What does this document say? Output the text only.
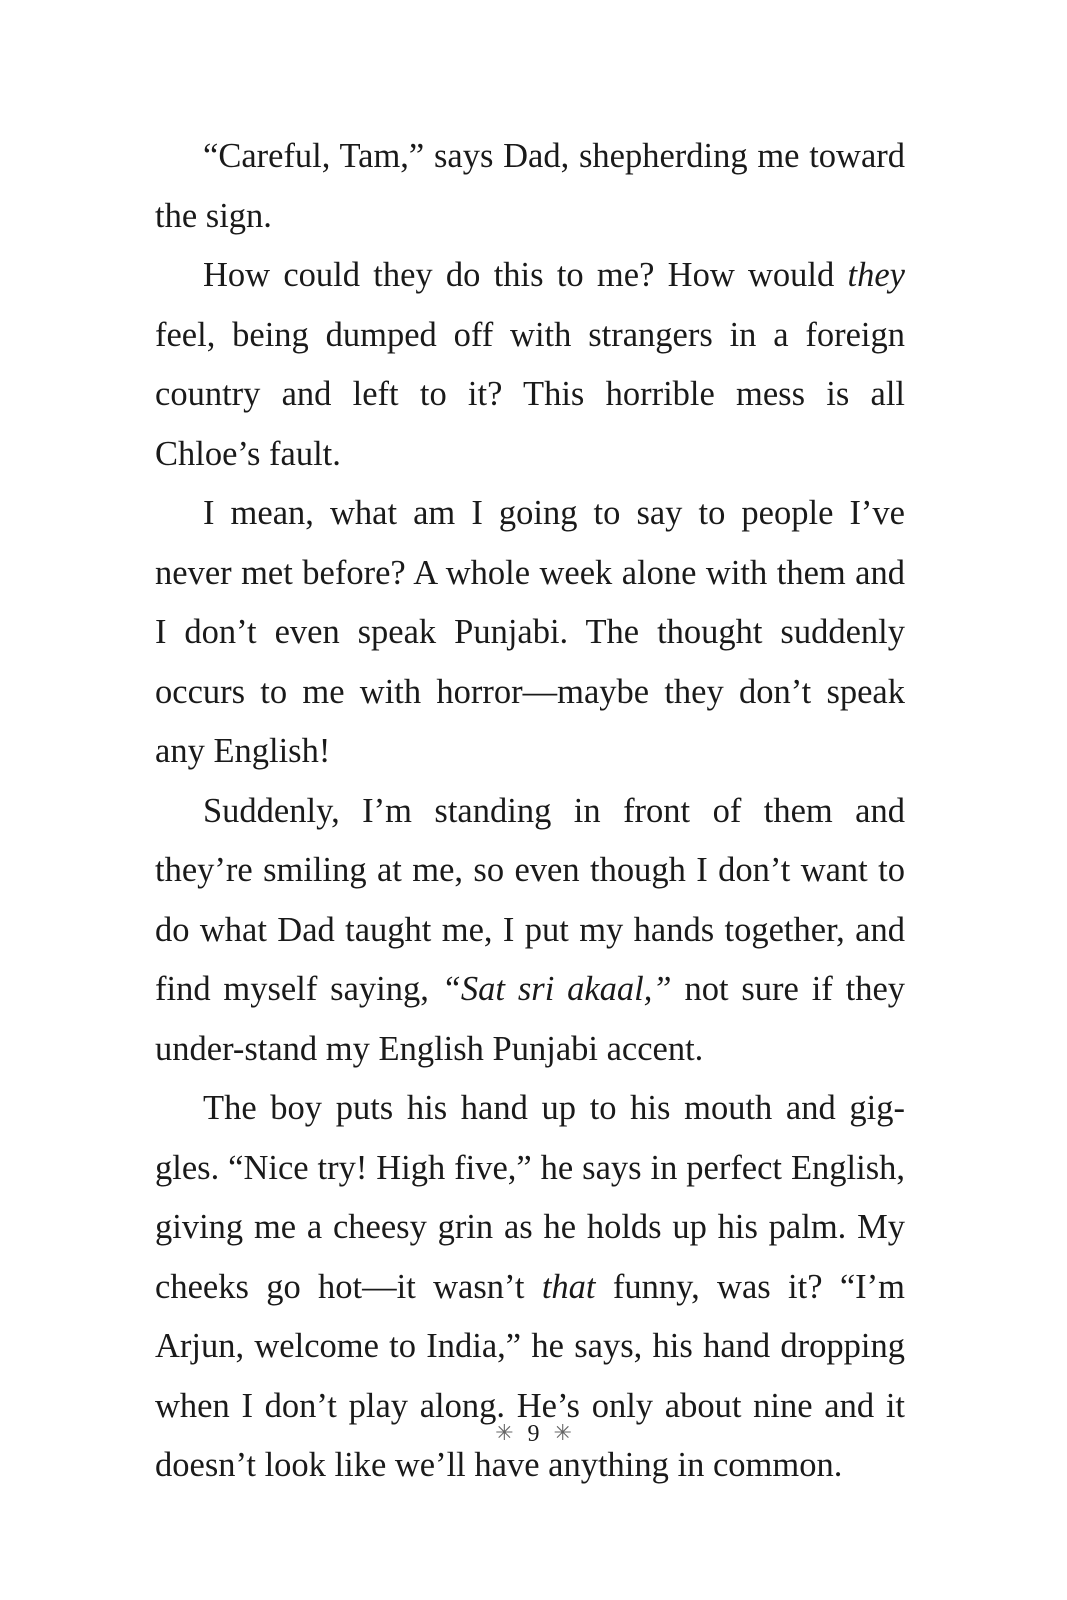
“Careful, Tam,” says Dad, shepherding me toward the sign.

How could they do this to me? How would they feel, being dumped off with strangers in a foreign country and left to it? This horrible mess is all Chloe’s fault.

I mean, what am I going to say to people I’ve never met before? A whole week alone with them and I don’t even speak Punjabi. The thought suddenly occurs to me with horror—maybe they don’t speak any English!

Suddenly, I’m standing in front of them and they’re smiling at me, so even though I don’t want to do what Dad taught me, I put my hands together, and find myself saying, “Sat sri akaal,” not sure if they under-stand my English Punjabi accent.

The boy puts his hand up to his mouth and gig-gles. “Nice try! High five,” he says in perfect English, giving me a cheesy grin as he holds up his palm. My cheeks go hot—it wasn’t that funny, was it? “I’m Arjun, welcome to India,” he says, his hand dropping when I don’t play along. He’s only about nine and it doesn’t look like we’ll have anything in common.

✳ 9 ✳
